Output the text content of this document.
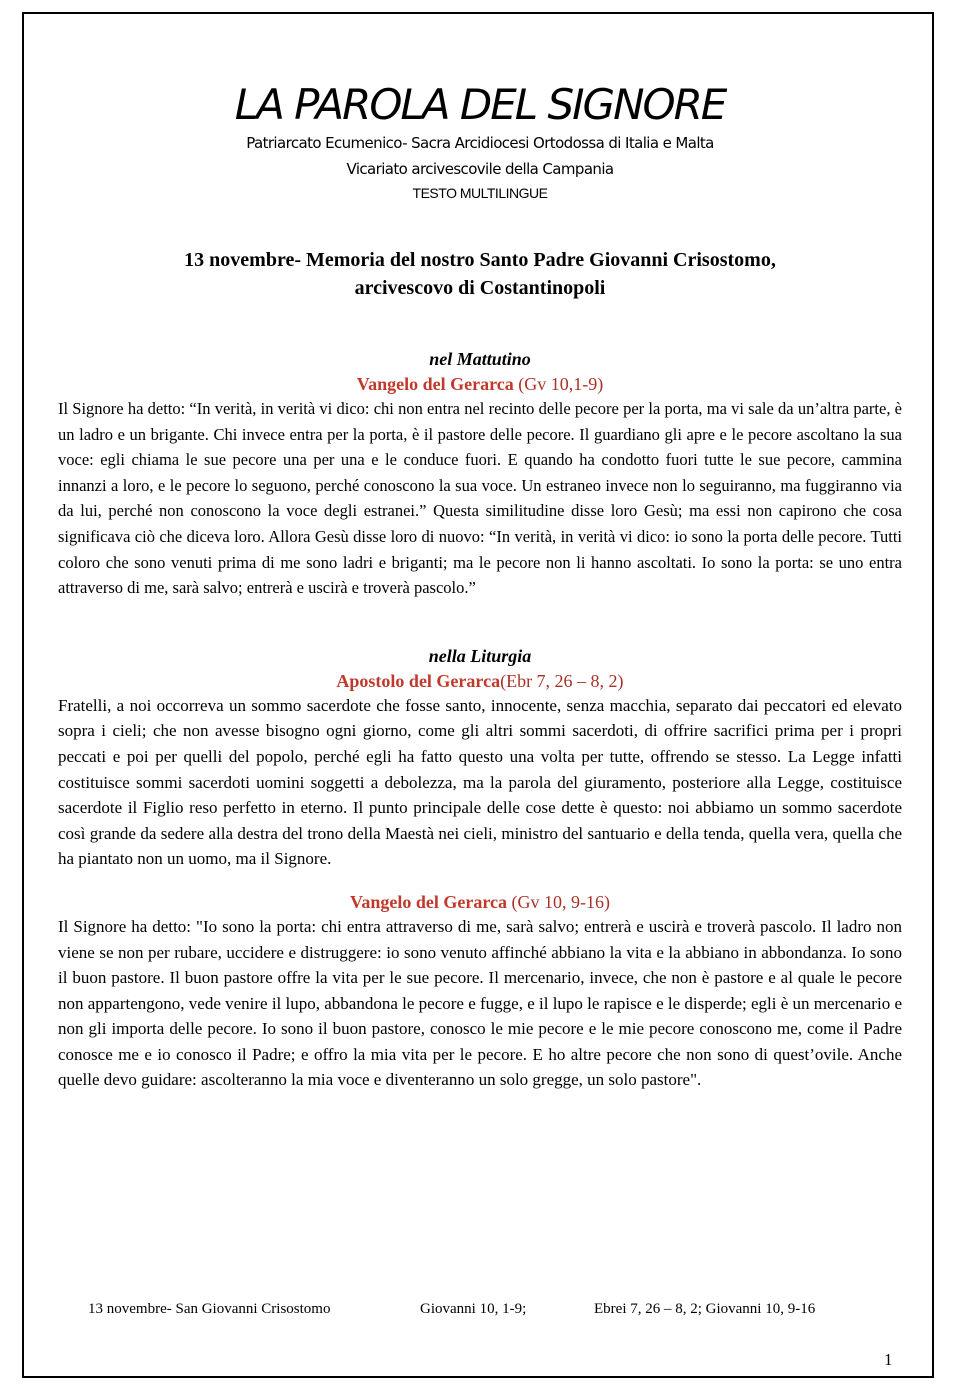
LA PAROLA DEL SIGNORE
Patriarcato Ecumenico- Sacra Arcidiocesi Ortodossa di Italia e Malta
Vicariato arcivescovile della Campania
TESTO MULTILINGUE
13 novembre- Memoria del nostro Santo Padre Giovanni Crisostomo,
arcivescovo di Costantinopoli
nel Mattutino
Vangelo del Gerarca (Gv 10,1-9)

Il Signore ha detto: “In verità, in verità vi dico: chi non entra nel recinto delle pecore per la porta, ma vi sale da un’altra parte, è un ladro e un brigante. Chi invece entra per la porta, è il pastore delle pecore. Il guardiano gli apre e le pecore ascoltano la sua voce: egli chiama le sue pecore una per una e le conduce fuori. E quando ha condotto fuori tutte le sue pecore, cammina innanzi a loro, e le pecore lo seguono, perché conoscono la sua voce. Un estraneo invece non lo seguiranno, ma fuggiranno via da lui, perché non conoscono la voce degli estranei.” Questa similitudine disse loro Gesù; ma essi non capirono che cosa significava ciò che diceva loro. Allora Gesù disse loro di nuovo: “In verità, in verità vi dico: io sono la porta delle pecore. Tutti coloro che sono venuti prima di me sono ladri e briganti; ma le pecore non li hanno ascoltati. Io sono la porta: se uno entra attraverso di me, sarà salvo; entrerà e uscirà e troverà pascolo.”

nella Liturgia
Apostolo del Gerarca(Ebr 7, 26 – 8, 2)

Fratelli, a noi occorreva un sommo sacerdote che fosse santo, innocente, senza macchia, separato dai peccatori ed elevato sopra i cieli; che non avesse bisogno ogni giorno, come gli altri sommi sacerdoti, di offrire sacrifici prima per i propri peccati e poi per quelli del popolo, perché egli ha fatto questo una volta per tutte, offrendo se stesso. La Legge infatti costituisce sommi sacerdoti uomini soggetti a debolezza, ma la parola del giuramento, posteriore alla Legge, costituisce sacerdote il Figlio reso perfetto in eterno. Il punto principale delle cose dette è questo: noi abbiamo un sommo sacerdote così grande da sedere alla destra del trono della Maestà nei cieli, ministro del santuario e della tenda, quella vera, quella che ha piantato non un uomo, ma il Signore.

Vangelo del Gerarca (Gv 10, 9-16)

Il Signore ha detto: "Io sono la porta: chi entra attraverso di me, sarà salvo; entrerà e uscirà e troverà pascolo. Il ladro non viene se non per rubare, uccidere e distruggere: io sono venuto affinché abbiano la vita e la abbiano in abbondanza. Io sono il buon pastore. Il buon pastore offre la vita per le sue pecore. Il mercenario, invece, che non è pastore e al quale le pecore non appartengono, vede venire il lupo, abbandona le pecore e fugge, e il lupo le rapisce e le disperde; egli è un mercenario e non gli importa delle pecore. Io sono il buon pastore, conosco le mie pecore e le mie pecore conoscono me, come il Padre conosce me e io conosco il Padre; e offro la mia vita per le pecore. E ho altre pecore che non sono di quest’ovile. Anche quelle devo guidare: ascolteranno la mia voce e diventeranno un solo gregge, un solo pastore".

13 novembre- San Giovanni Crisostomo	Giovanni 10, 1-9;	Ebrei 7, 26 – 8, 2; Giovanni 10, 9-16
1
